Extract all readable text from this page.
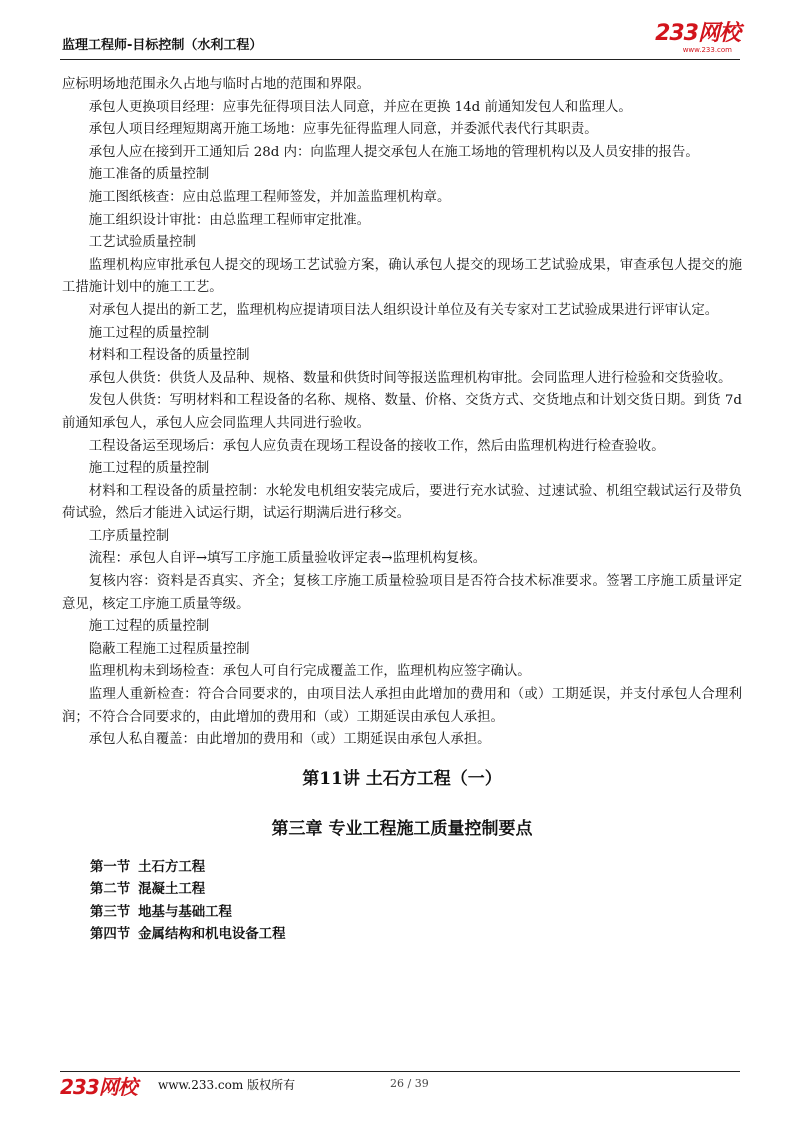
监理工程师-目标控制（水利工程）	233网校
www.233.com

应标明场地范围永久占地与临时占地的范围和界限。

承包人更换项目经理：应事先征得项目法人同意，并应在更换 14d 前通知发包人和监理人。

承包人项目经理短期离开施工场地：应事先征得监理人同意，并委派代表代行其职责。

承包人应在接到开工通知后 28d 内：向监理人提交承包人在施工场地的管理机构以及人员安排的报告。

施工准备的质量控制

施工图纸核查：应由总监理工程师签发，并加盖监理机构章。

施工组织设计审批：由总监理工程师审定批准。

工艺试验质量控制

监理机构应审批承包人提交的现场工艺试验方案，确认承包人提交的现场工艺试验成果，审查承包人提交的施工措施计划中的施工工艺。

对承包人提出的新工艺，监理机构应提请项目法人组织设计单位及有关专家对工艺试验成果进行评审认定。

施工过程的质量控制

材料和工程设备的质量控制

承包人供货：供货人及品种、规格、数量和供货时间等报送监理机构审批。会同监理人进行检验和交货验收。

发包人供货：写明材料和工程设备的名称、规格、数量、价格、交货方式、交货地点和计划交货日期。到货 7d 前通知承包人，承包人应会同监理人共同进行验收。

工程设备运至现场后：承包人应负责在现场工程设备的接收工作，然后由监理机构进行检查验收。

施工过程的质量控制

材料和工程设备的质量控制：水轮发电机组安装完成后，要进行充水试验、过速试验、机组空载试运行及带负荷试验，然后才能进入试运行期，试运行期满后进行移交。

工序质量控制

流程：承包人自评→填写工序施工质量验收评定表→监理机构复核。

复核内容：资料是否真实、齐全；复核工序施工质量检验项目是否符合技术标准要求。签署工序施工质量评定意见，核定工序施工质量等级。

施工过程的质量控制

隐蔽工程施工过程质量控制

监理机构未到场检查：承包人可自行完成覆盖工作，监理机构应签字确认。

监理人重新检查：符合合同要求的，由项目法人承担由此增加的费用和（或）工期延误，并支付承包人合理利润；不符合合同要求的，由此增加的费用和（或）工期延误由承包人承担。

承包人私自覆盖：由此增加的费用和（或）工期延误由承包人承担。

第11讲 土石方工程（一）
第三章 专业工程施工质量控制要点
第一节 土石方工程
第二节 混凝土工程
第三节 地基与基础工程
第四节 金属结构和机电设备工程
233网校 www.233.com 版权所有	26 / 39
